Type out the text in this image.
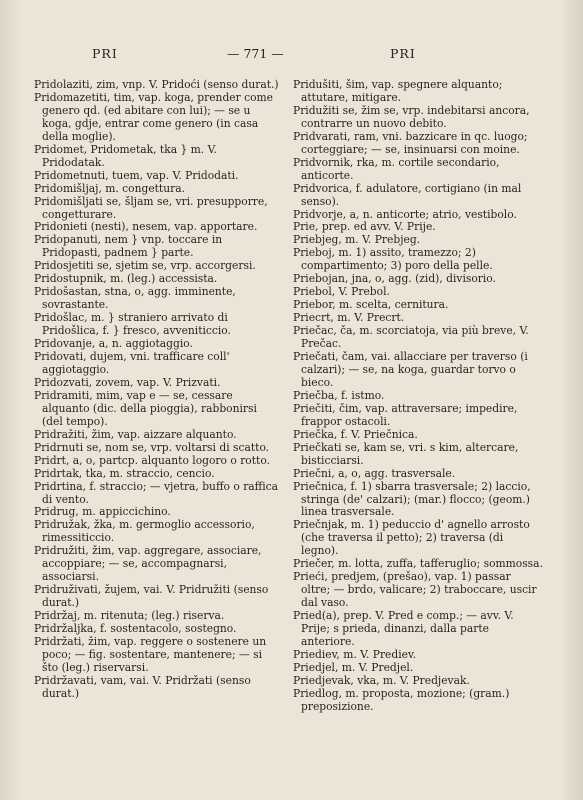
PRI	— 771 —	PRI

Pridolaziti, zim, vnp. V. Pridoći (senso durat.)

Pridomazetiti, tim, vap. koga, prender come genero qd. (ed abitare con lui); — se u koga, gdje, entrar come genero (in casa della moglie).

Pridomet, Pridometak, tka } m. V. Pridodatak.

Pridometnuti, tuem, vap. V. Pridodati.

Pridomišljaj, m. congettura.

Pridomišljati se, šljam se, vri. presupporre, congetturare.

Pridonieti (nesti), nesem, vap. apportare.

Pridopanuti, nem } vnp. toccare in Pridopasti, padnem } parte.

Pridosjetiti se, sjetim se, vrp. accorgersi.

Pridostupnik, m. (leg.) accessista.

Pridošastan, stna, o, agg. imminente, sovrastante.

Pridošlac, m. } straniero arrivato di Pridošlica, f. } fresco, avveniticcio.

Pridovanje, a, n. aggiotaggio.

Pridovati, dujem, vni. trafficare coll' aggiotaggio.

Pridozvati, zovem, vap. V. Prizvati.

Pridramiti, mim, vap e — se, cessare alquanto (dic. della pioggia), rabbonirsi (del tempo).

Pridražiti, žim, vap. aizzare alquanto.

Pridrnuti se, nom se, vrp. voltarsi di scatto.

Pridrt, a, o, partcp. alquanto logoro o rotto.

Pridrtak, tka, m. straccio, cencio.

Pridrtina, f. straccio; — vjetra, buffo o raffica di vento.

Pridrug, m. appiccichino.

Pridružak, žka, m. germoglio accessorio, rimessiticcio.

Pridružiti, žim, vap. aggregare, associare, accoppiare; — se, accompagnarsi, associarsi.

Pridruživati, žujem, vai. V. Pridružiti (senso durat.)

Pridržaj, m. ritenuta; (leg.) riserva.

Pridržaljka, f. sostentacolo, sostegno.

Pridržati, žim, vap. reggere o sostenere un poco; — fig. sostentare, mantenere; — si što (leg.) riservarsi.

Pridržavati, vam, vai. V. Pridržati (senso durat.)

Pridušiti, šim, vap. spegnere alquanto; attutare, mitigare.

Pridužiti se, žim se, vrp. indebitarsi ancora, contrarre un nuovo debito.

Pridvarati, ram, vni. bazzicare in qc. luogo; corteggiare; — se, insinuarsi con moine.

Pridvornik, rka, m. cortile secondario, anticorte.

Pridvorica, f. adulatore, cortigiano (in mal senso).

Pridvorje, a, n. anticorte; atrio, vestibolo.

Prie, prep. ed avv. V. Prije.

Priebjeg, m. V. Prebjeg.

Prieboj, m. 1) assito, tramezzo; 2) compartimento; 3) poro della pelle.

Priebojan, jna, o, agg. (zid), divisorio.

Priebol, V. Prebol.

Priebor, m. scelta, cernitura.

Priecrt, m. V. Precrt.

Priečac, ča, m. scorciatoja, via più breve, V. Prečac.

Priečati, čam, vai. allacciare per traverso (i calzari); — se, na koga, guardar torvo o bieco.

Priečba, f. istmo.

Priečiti, čim, vap. attraversare; impedire, frappor ostacoli.

Priečka, f. V. Priečnica.

Priečkati se, kam se, vri. s kim, altercare, bisticciarsi.

Priečni, a, o, agg. trasversale.

Priečnica, f. 1) sbarra trasversale; 2) laccio, stringa (de' calzari); (mar.) flocco; (geom.) linea trasversale.

Priečnjak, m. 1) peduccio d' agnello arrosto (che traversa il petto); 2) traversa (di legno).

Priečer, m. lotta, zuffa, tafferuglio; sommossa.

Prieći, predjem, (prešao), vap. 1) passar oltre; — brdo, valicare; 2) traboccare, uscir dal vaso.

Pried(a), prep. V. Pred e comp.; — avv. V. Prije; s prieda, dinanzi, dalla parte anteriore.

Priediev, m. V. Prediev.

Priedjel, m. V. Predjel.

Priedjevak, vka, m. V. Predjevak.

Priedlog, m. proposta, mozione; (gram.) preposizione.
